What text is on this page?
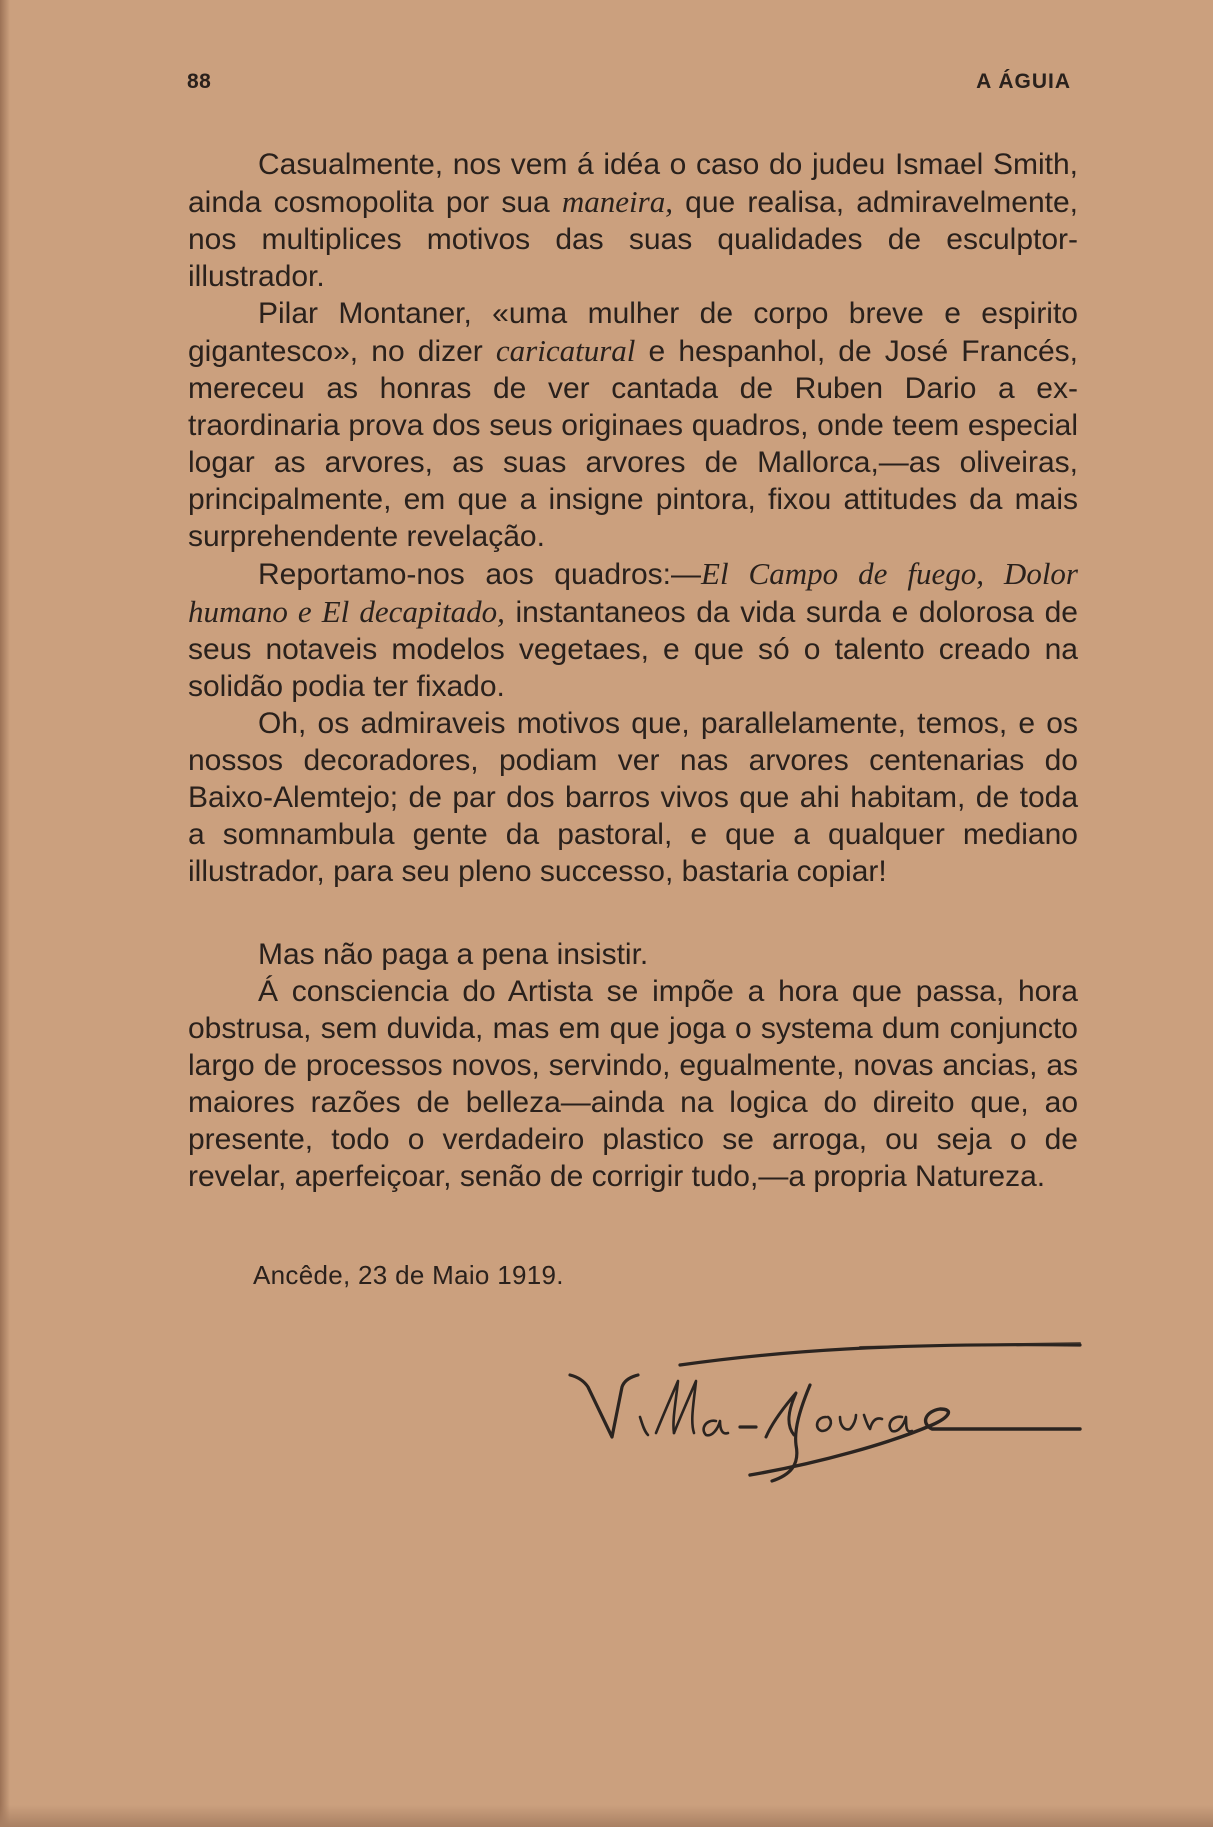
88	A ÁGUIA

Casualmente, nos vem á idéa o caso do judeu Ismael Smith, ainda cosmopolita por sua maneira, que realisa, admiravelmente, nos multiplices motivos das suas qualidades de esculptor-illustrador.

Pilar Montaner, «uma mulher de corpo breve e espirito gigantesco», no dizer caricatural e hespanhol, de José Francés, mereceu as honras de ver cantada de Ruben Dario a extraordinaria prova dos seus originaes quadros, onde teem especial logar as arvores, as suas arvores de Mallorca,—as oliveiras, principalmente, em que a insigne pintora, fixou attitudes da mais surprehendente revelação.

Reportamo-nos aos quadros:—El Campo de fuego, Dolor humano e El decapitado, instantaneos da vida surda e dolorosa de seus notaveis modelos vegetaes, e que só o talento creado na solidão podia ter fixado.

Oh, os admiraveis motivos que, parallelamente, temos, e os nossos decoradores, podiam ver nas arvores centenarias do Baixo-Alemtejo; de par dos barros vivos que ahi habitam, de toda a somnambula gente da pastoral, e que a qualquer mediano illustrador, para seu pleno successo, bastaria copiar!

Mas não paga a pena insistir.

Á consciencia do Artista se impõe a hora que passa, hora obstrusa, sem duvida, mas em que joga o systema dum conjuncto largo de processos novos, servindo, egualmente, novas ancias, as maiores razões de belleza—ainda na logica do direito que, ao presente, todo o verdadeiro plastico se arroga, ou seja o de revelar, aperfeiçoar, senão de corrigir tudo,—a propria Natureza.

Ancêde, 23 de Maio 1919.
